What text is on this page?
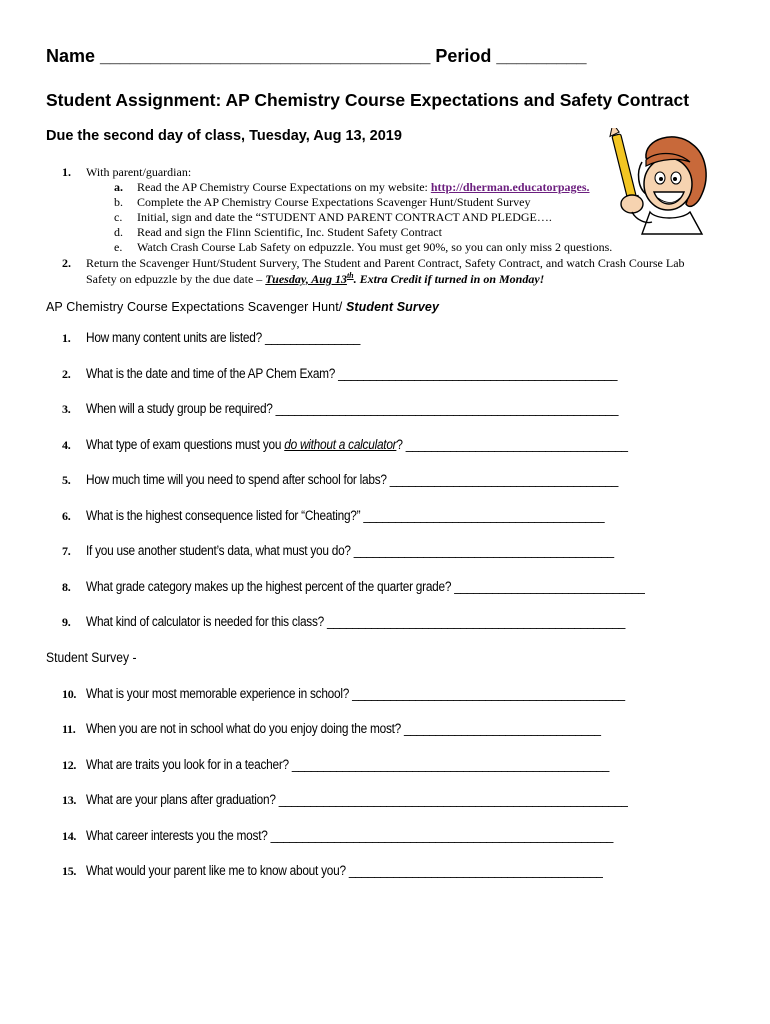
Name _________________________________ Period _________
Student Assignment: AP Chemistry Course Expectations and Safety Contract
Due the second day of class, Tuesday, Aug 13, 2019
1. With parent/guardian:
a. Read the AP Chemistry Course Expectations on my website: http://dherman.educatorpages.
b. Complete the AP Chemistry Course Expectations Scavenger Hunt/Student Survey
c. Initial, sign and date the “STUDENT AND PARENT CONTRACT AND PLEDGE….
d. Read and sign the Flinn Scientific, Inc. Student Safety Contract
e. Watch Crash Course Lab Safety on edpuzzle. You must get 90%, so you can only miss 2 questions.
2. Return the Scavenger Hunt/Student Survery, The Student and Parent Contract, Safety Contract, and watch Crash Course Lab
Safety on edpuzzle by the due date – Tuesday, Aug 13th. Extra Credit if turned in on Monday!
AP Chemistry Course Expectations Scavenger Hunt/ Student Survey
1. How many content units are listed? _______________
2. What is the date and time of the AP Chem Exam? ____________________________________________
3. When will a study group be required? ______________________________________________________
4. What type of exam questions must you do without a calculator? ___________________________________
5. How much time will you need to spend after school for labs? ____________________________________
6. What is the highest consequence listed for “Cheating?” ______________________________________
7. If you use another student’s data, what must you do? _________________________________________
8. What grade category makes up the highest percent of the quarter grade? ______________________________
9. What kind of calculator is needed for this class? _______________________________________________
Student Survey -
10. What is your most memorable experience in school? ___________________________________________
11. When you are not in school what do you enjoy doing the most? _______________________________
12. What are traits you look for in a teacher? __________________________________________________
13. What are your plans after graduation? _______________________________________________________
14. What career interests you the most? ______________________________________________________
15. What would your parent like me to know about you? ________________________________________
